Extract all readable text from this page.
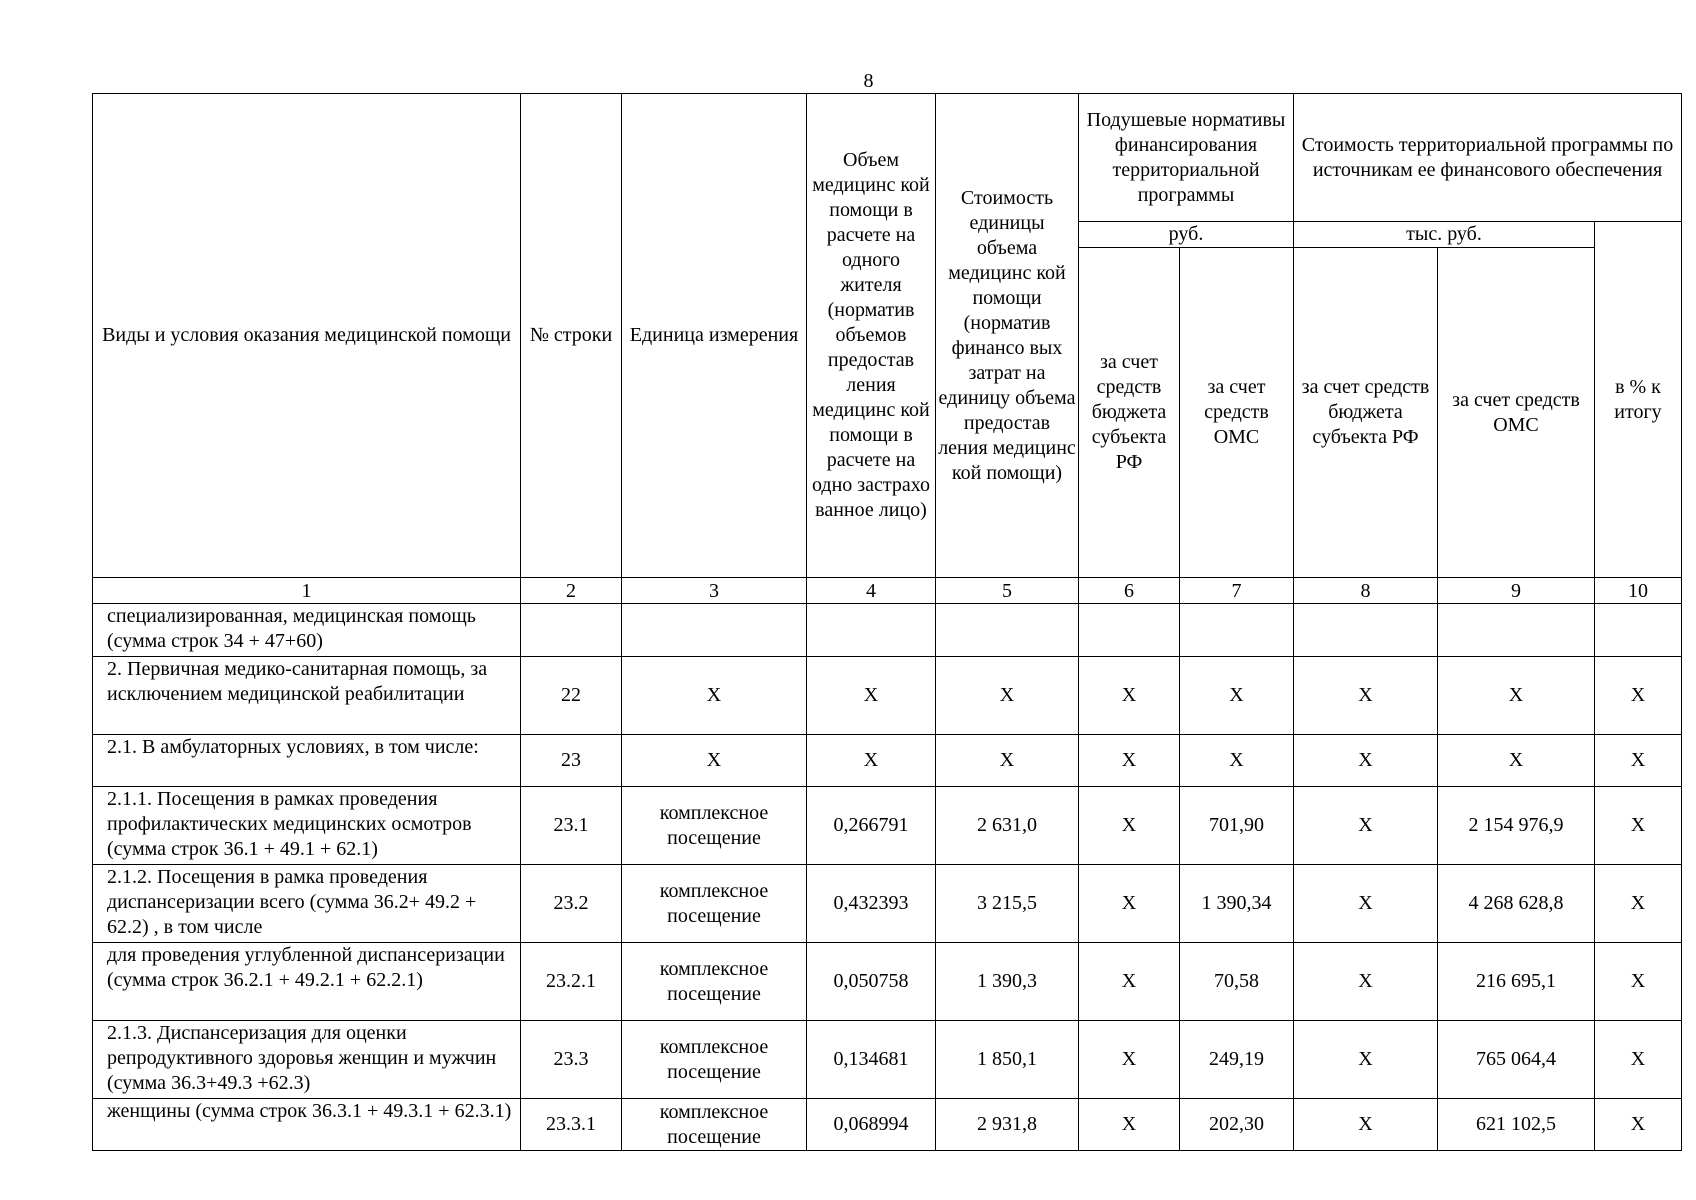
8
Виды и условия оказания медицинской помощи	№ строки	Единица измерения	Объем медицинс кой помощи в расчете на одного жителя (норматив объемов предостав ления медицинс кой помощи в расчете на одно застрахо ванное лицо)	Стоимость единицы объема медицинс кой помощи (норматив финансо вых затрат на единицу объема предостав ления медицинс кой помощи)	Подушевые нормативы финансирования территориальной программы		Стоимость территориальной программы по источникам ее финансового обеспечения		
					руб.		тыс. руб.		в % к итогу
					за счет средств бюджета субъекта РФ	за счет средств ОМС	за счет средств бюджета субъекта РФ	за счет средств ОМС	
1	2	3	4	5	6	7	8	9	10
специализированная, медицинская помощь (сумма строк 34 + 47+60)									
2. Первичная медико-санитарная помощь, за исключением медицинской реабилитации	22	X	X	X	X	X	X	X	X
2.1. В амбулаторных условиях, в том числе:	23	X	X	X	X	X	X	X	X
2.1.1. Посещения в рамках проведения профилактических медицинских осмотров (сумма строк 36.1 + 49.1 + 62.1)	23.1	комплексное посещение	0,266791	2 631,0	X	701,90	X	2 154 976,9	X
2.1.2. Посещения в рамка проведения диспансеризации всего (сумма 36.2+ 49.2 + 62.2) , в том числе	23.2	комплексное посещение	0,432393	3 215,5	X	1 390,34	X	4 268 628,8	X
для проведения углубленной диспансеризации (сумма строк 36.2.1 + 49.2.1 + 62.2.1)	23.2.1	комплексное посещение	0,050758	1 390,3	X	70,58	X	216 695,1	X
2.1.3. Диспансеризация для оценки репродуктивного здоровья женщин и мужчин (сумма 36.3+49.3 +62.3)	23.3	комплексное посещение	0,134681	1 850,1	X	249,19	X	765 064,4	X
женщины (сумма строк 36.3.1 + 49.3.1 + 62.3.1)	23.3.1	комплексное посещение	0,068994	2 931,8	X	202,30	X	621 102,5	X
